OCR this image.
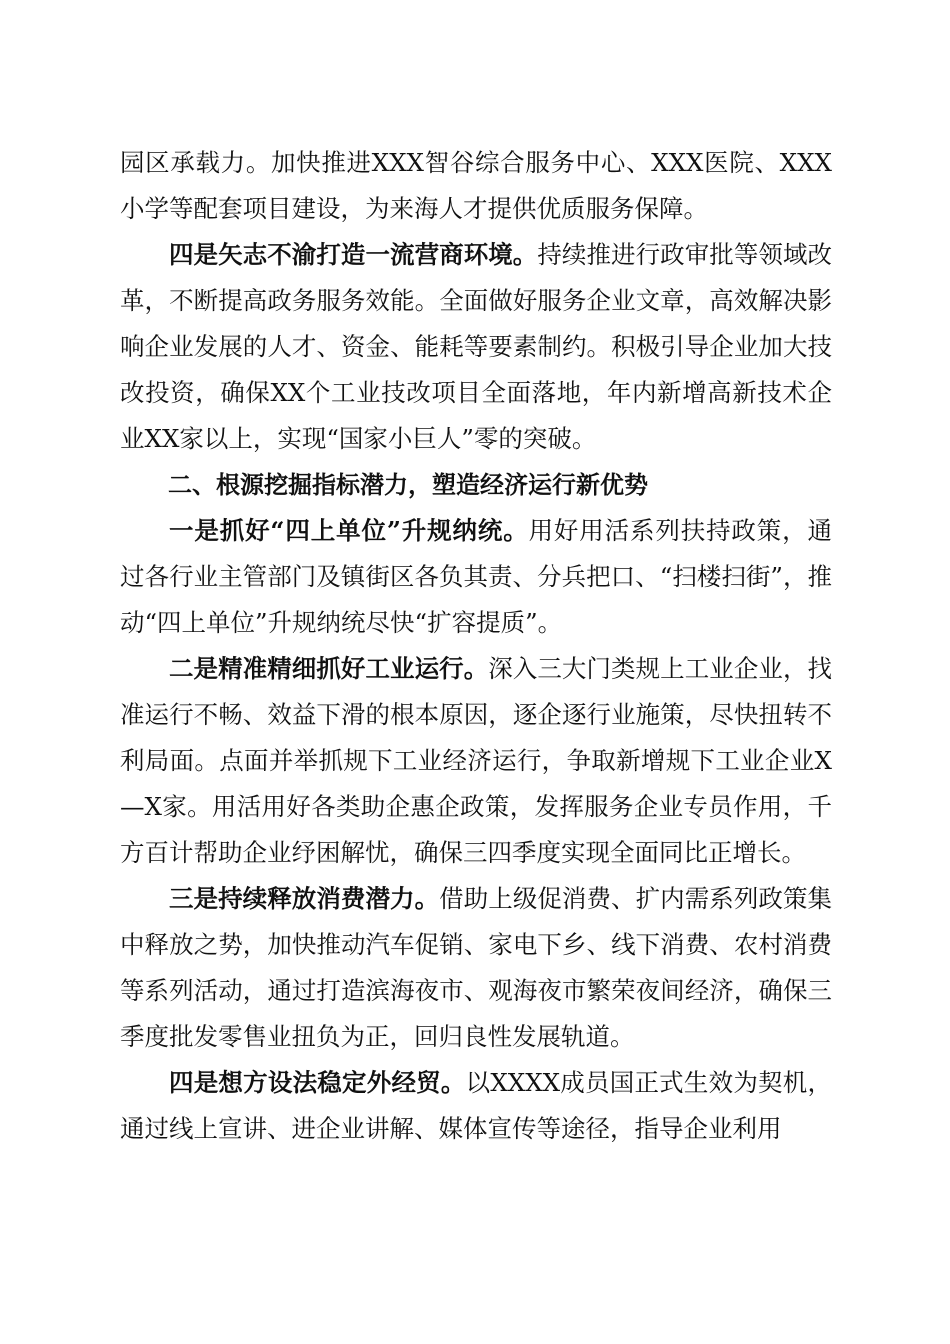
园区承载力。加快推进XXX智谷综合服务中心、XXX医院、XXX小学等配套项目建设，为来海人才提供优质服务保障。

四是矢志不渝打造一流营商环境。持续推进行政审批等领域改革，不断提高政务服务效能。全面做好服务企业文章，高效解决影响企业发展的人才、资金、能耗等要素制约。积极引导企业加大技改投资，确保XX个工业技改项目全面落地，年内新增高新技术企业XX家以上，实现“国家小巨人”零的突破。

二、根源挖掘指标潜力，塑造经济运行新优势

一是抓好“四上单位”升规纳统。用好用活系列扶持政策，通过各行业主管部门及镇街区各负其责、分兵把口、“扫楼扫街”，推动“四上单位”升规纳统尽快“扩容提质”。

二是精准精细抓好工业运行。深入三大门类规上工业企业，找准运行不畅、效益下滑的根本原因，逐企逐行业施策，尽快扭转不利局面。点面并举抓规下工业经济运行，争取新增规下工业企业X—X家。用活用好各类助企惠企政策，发挥服务企业专员作用，千方百计帮助企业纾困解忧，确保三四季度实现全面同比正增长。

三是持续释放消费潜力。借助上级促消费、扩内需系列政策集中释放之势，加快推动汽车促销、家电下乡、线下消费、农村消费等系列活动，通过打造滨海夜市、观海夜市繁荣夜间经济，确保三季度批发零售业扭负为正，回归良性发展轨道。

四是想方设法稳定外经贸。以XXXX成员国正式生效为契机，通过线上宣讲、进企业讲解、媒体宣传等途径，指导企业利用
